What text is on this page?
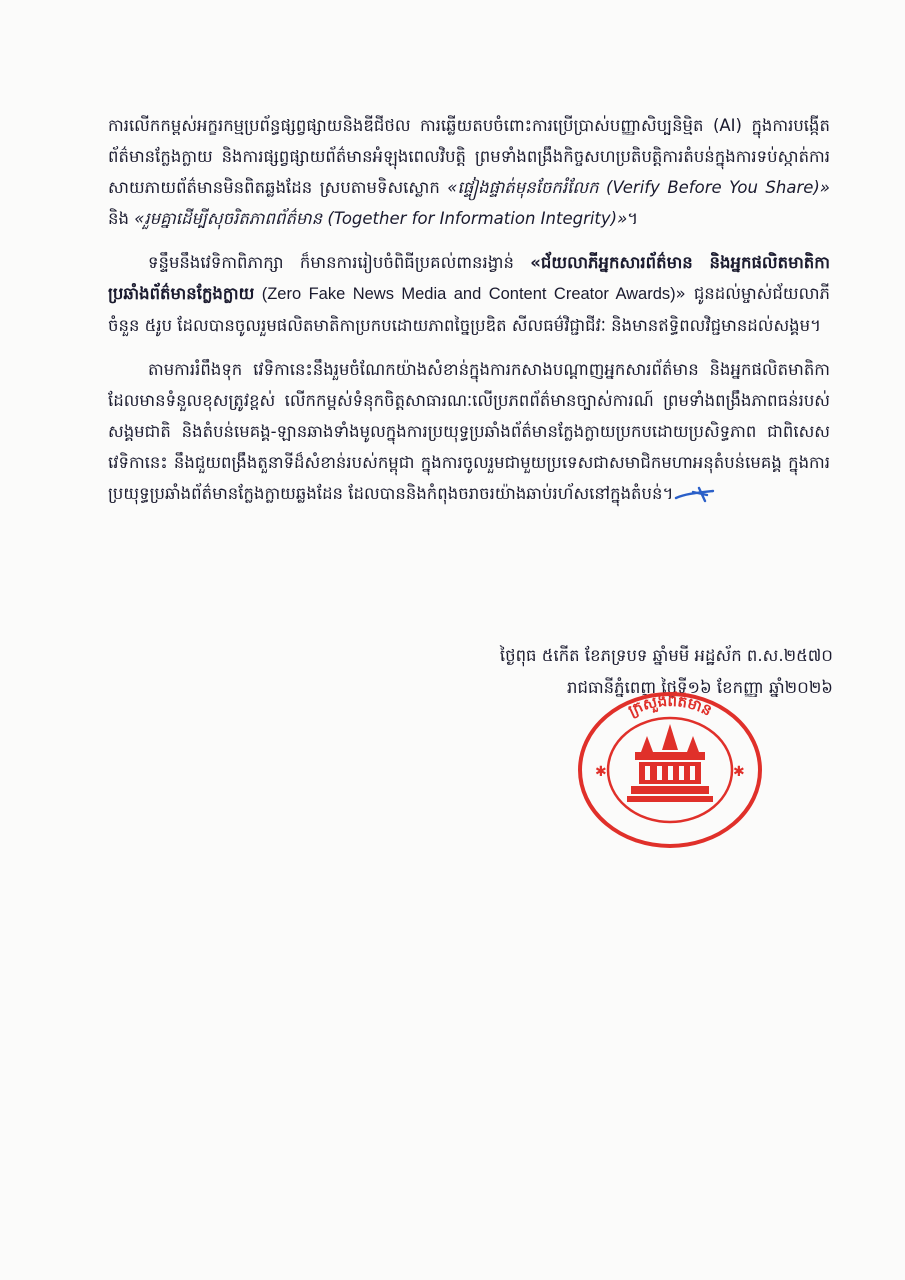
ការលើកកម្ពស់អក្ខរកម្មប្រព័ន្ធផ្សព្វផ្សាយនិងឌីជីថល ការឆ្លើយតបចំពោះការប្រើប្រាស់បញ្ញាសិប្បនិម្មិត (AI) ក្នុងការបង្កើតព័ត៌មានក្លែងក្លាយ និងការផ្សព្វផ្សាយព័ត៌មានអំឡុងពេលវិបត្តិ ព្រមទាំងពង្រឹងកិច្ចសហប្រតិបត្តិការតំបន់ក្នុងការទប់ស្កាត់ការសាយភាយព័ត៌មានមិនពិតឆ្លងដែន ស្របតាមទិសស្លោក «ផ្ទៀងផ្ទាត់មុនចែករំលែក (Verify Before You Share)» និង «រួមគ្នាដើម្បីសុចរិតភាពព័ត៌មាន (Together for Information Integrity)»។

ទន្ទឹមនឹងវេទិកាពិភាក្សា ក៏មានការរៀបចំពិធីប្រគល់ពានរង្វាន់ «ជ័យលាភីអ្នកសារព័ត៌មាន និងអ្នកផលិតមាតិកាប្រឆាំងព័ត៌មានក្លែងក្លាយ (Zero Fake News Media and Content Creator Awards)» ជូនដល់ម្ចាស់ជ័យលាភី ចំនួន ៥រូប ដែលបានចូលរួមផលិតមាតិកាប្រកបដោយភាពច្នៃប្រឌិត សីលធម៌វិជ្ជាជីវៈ និងមានឥទ្ធិពលវិជ្ជមានដល់សង្គម។

តាមការរំពឹងទុក វេទិកានេះនឹងរួមចំណែកយ៉ាងសំខាន់ក្នុងការកសាងបណ្ដាញអ្នកសារព័ត៌មាន និងអ្នកផលិតមាតិកាដែលមានទំនួលខុសត្រូវខ្ពស់ លើកកម្ពស់ទំនុកចិត្តសាធារណៈលើប្រភពព័ត៌មានច្បាស់ការណ៍ ព្រមទាំងពង្រឹងភាពធន់របស់សង្គមជាតិ និងតំបន់មេគង្គ-ឡានឆាងទាំងមូលក្នុងការប្រយុទ្ធប្រឆាំងព័ត៌មានក្លែងក្លាយប្រកបដោយប្រសិទ្ធភាព ជាពិសេសវេទិកានេះ នឹងជួយពង្រឹងតួនាទីដ៏សំខាន់របស់កម្ពុជា ក្នុងការចូលរួមជាមួយប្រទេសជាសមាជិកមហាអនុតំបន់មេគង្គ ក្នុងការប្រយុទ្ធប្រឆាំងព័ត៌មានក្លែងក្លាយឆ្លងដែន ដែលបាននិងកំពុងចរាចរយ៉ាងឆាប់រហ័សនៅក្នុងតំបន់។

ថ្ងៃពុធ ៥កើត ខែភទ្របទ ឆ្នាំមមី អដ្ឋស័ក ព.ស.២៥៧០
រាជធានីភ្នំពេញ ថ្ងៃទី១៦ ខែកញ្ញា ឆ្នាំ២០២៦
ក្រសួងព័ត៌មាន
✱	✱
